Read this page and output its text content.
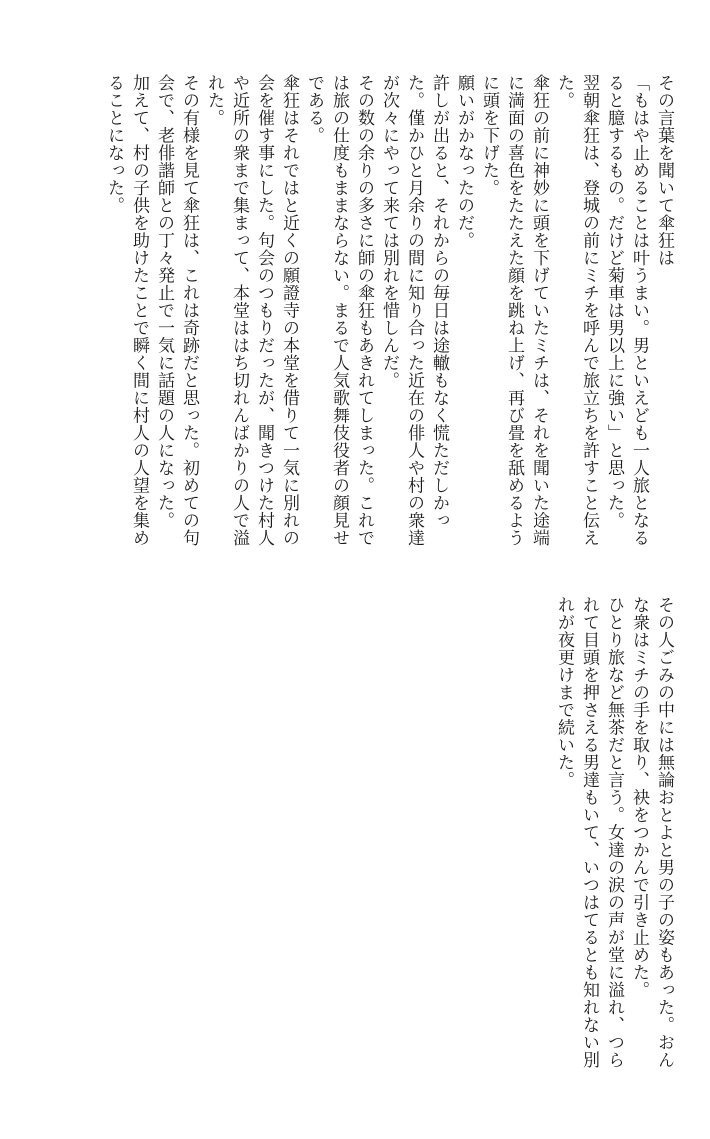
その言葉を聞いて傘狂は

「もはや止めることは叶うまい。男といえども一人旅となるると臆するもの。だけど菊車は男以上に強い」と思った。

翌朝傘狂は、登城の前にミチを呼んで旅立ちを許すこと伝えた。

傘狂の前に神妙に頭を下げていたミチは、それを聞いた途端に満面の喜色をたたえた顔を跳ね上げ、再び畳を舐めるように頭を下げた。

願いがかなったのだ。

許しが出ると、それからの毎日は途轍もなく慌ただしかった。僅かひと月余りの間に知り合った近在の俳人や村の衆達が次々にやって来ては別れを惜しんだ。

その数の余りの多さに師の傘狂もあきれてしまった。これでは旅の仕度もままならない。まるで人気歌舞伎役者の顔見せである。

傘狂はそれではと近くの願證寺の本堂を借りて一気に別れの会を催す事にした。句会のつもりだったが、聞きつけた村人や近所の衆まで集まって、本堂ははち切れんばかりの人で溢れた。

その有様を見て傘狂は、これは奇跡だと思った。初めての句会で、老俳諧師との丁々発止で一気に話題の人になった。

加えて、村の子供を助けたことで瞬く間に村人の人望を集めることになった。

その人ごみの中には無論おとよと男の子の姿もあった。おんな衆はミチの手を取り、袂をつかんで引き止めた。

ひとり旅など無茶だと言う。女達の涙の声が堂に溢れ、つられて目頭を押さえる男達もいて、いつはてるとも知れない別れが夜更けまで続いた。
